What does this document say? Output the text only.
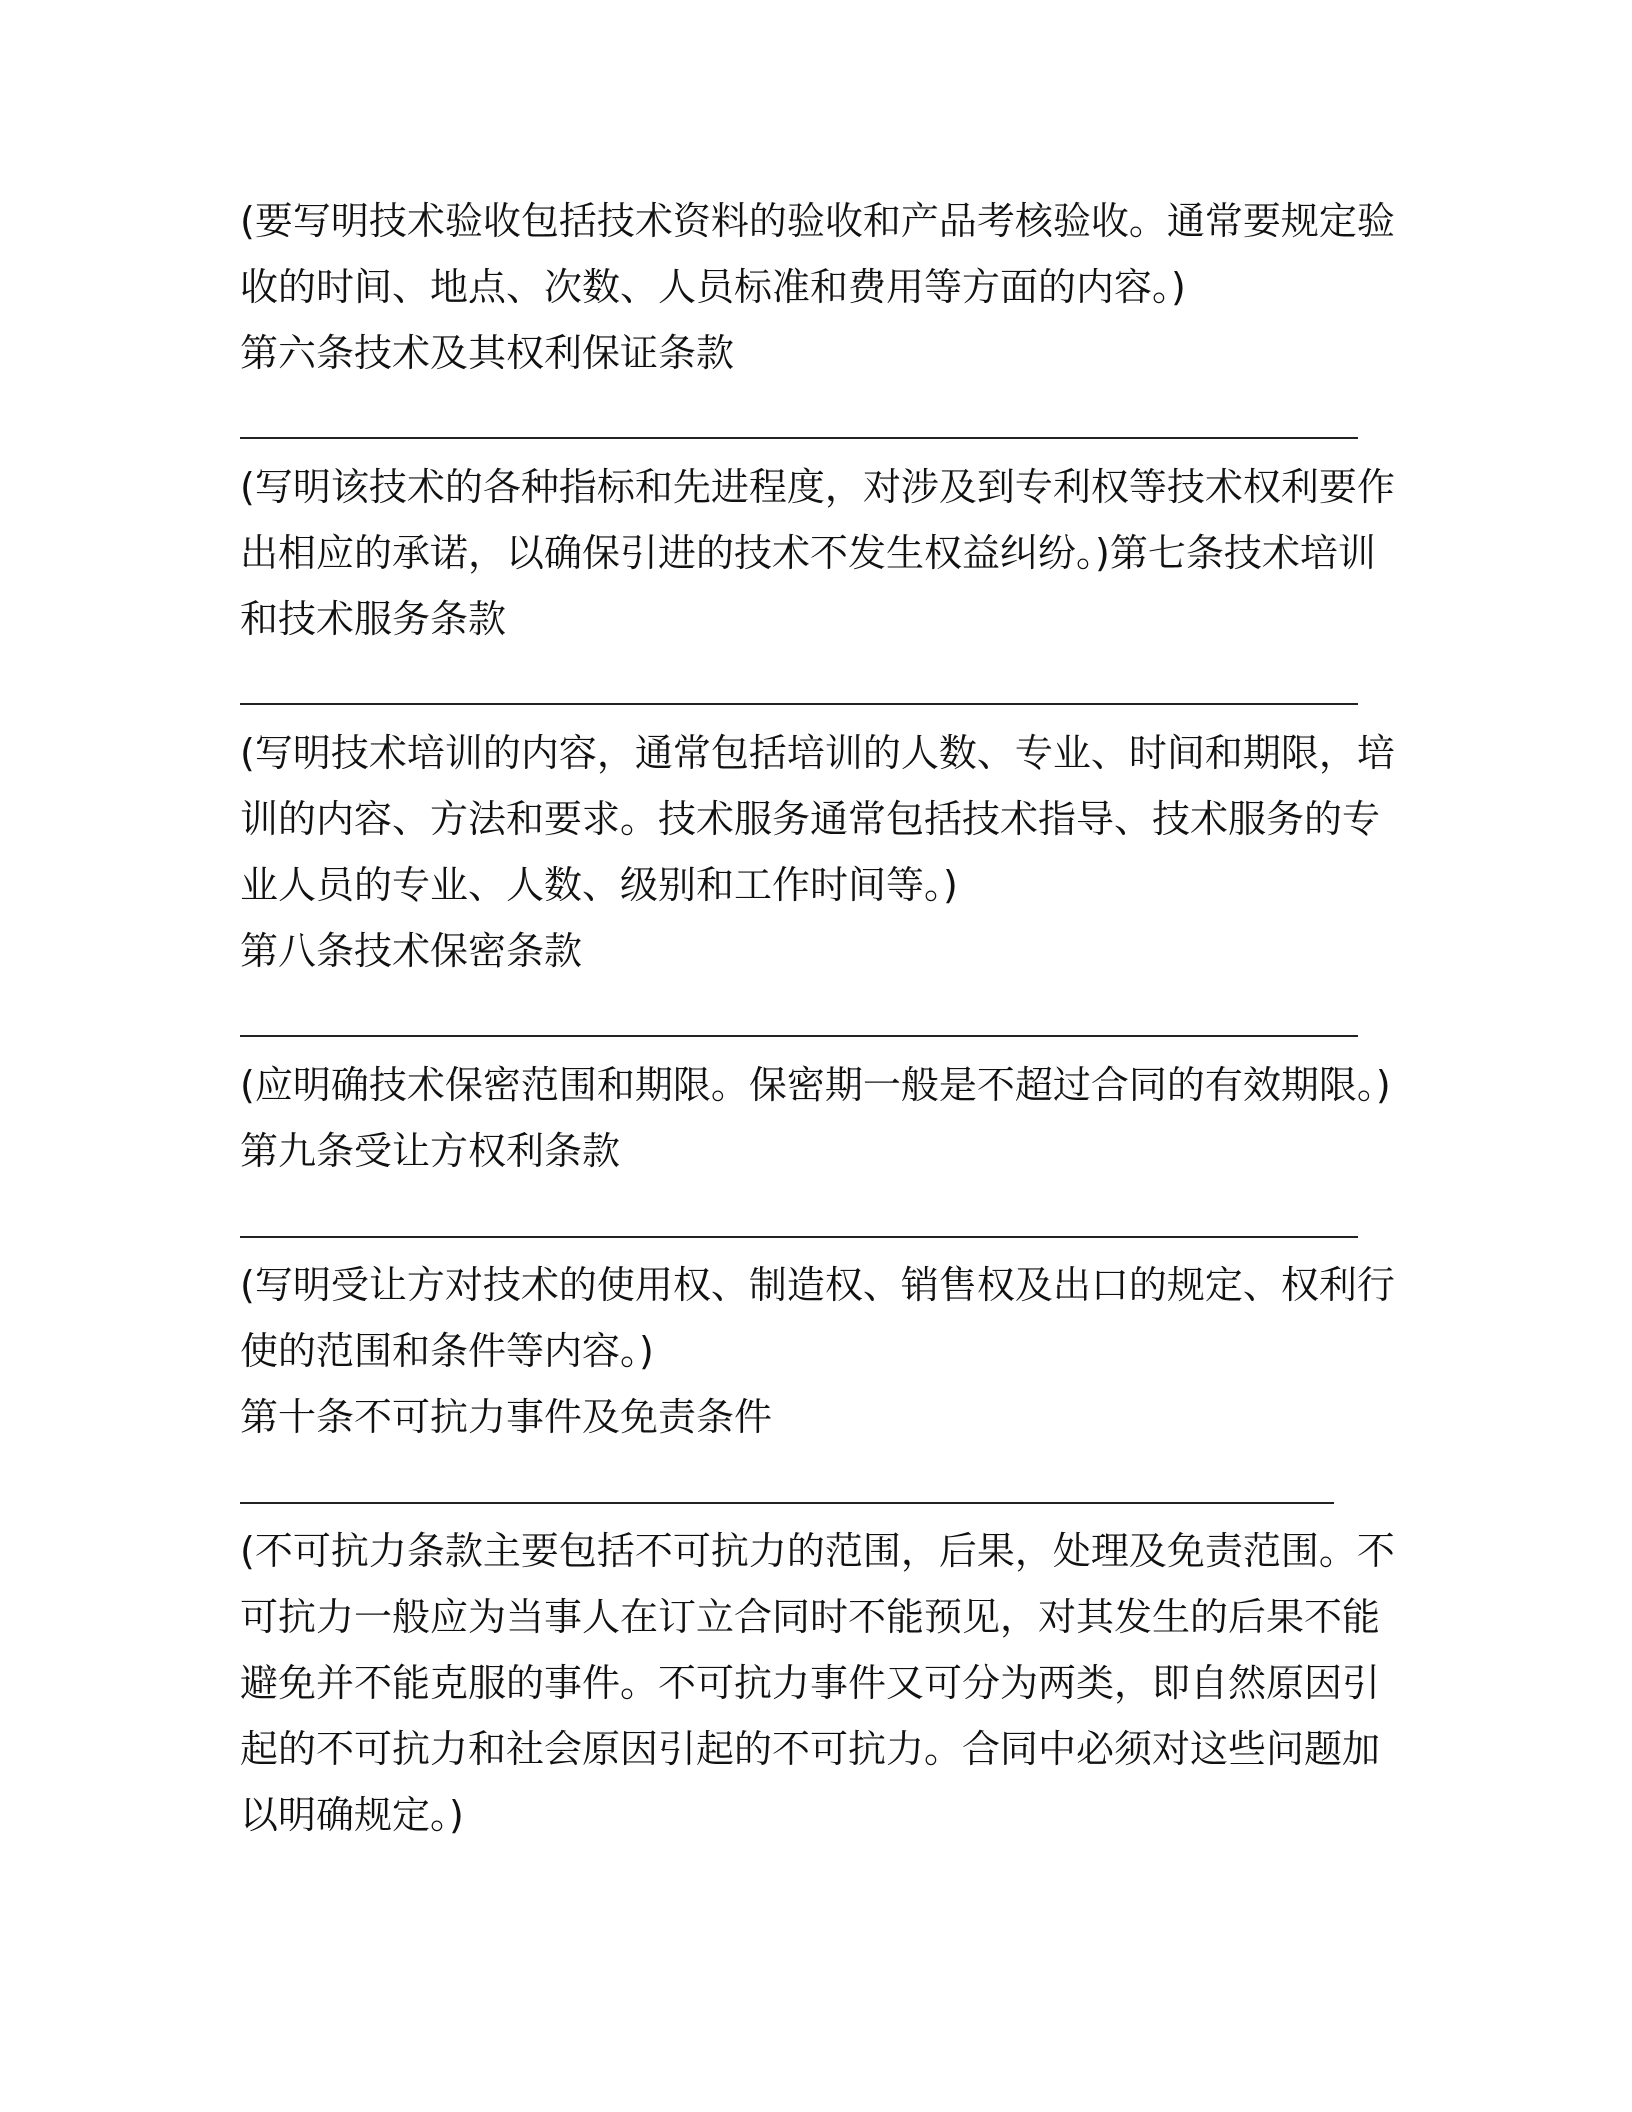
(要写明技术验收包括技术资料的验收和产品考核验收。通常要规定验

收的时间、地点、次数、人员标准和费用等方面的内容。)

第六条技术及其权利保证条款

(写明该技术的各种指标和先进程度，对涉及到专利权等技术权利要作

出相应的承诺，以确保引进的技术不发生权益纠纷。)第七条技术培训

和技术服务条款

(写明技术培训的内容，通常包括培训的人数、专业、时间和期限，培

训的内容、方法和要求。技术服务通常包括技术指导、技术服务的专

业人员的专业、人数、级别和工作时间等。)

第八条技术保密条款

(应明确技术保密范围和期限。保密期一般是不超过合同的有效期限。)

第九条受让方权利条款

(写明受让方对技术的使用权、制造权、销售权及出口的规定、权利行

使的范围和条件等内容。)

第十条不可抗力事件及免责条件

(不可抗力条款主要包括不可抗力的范围，后果，处理及免责范围。不

可抗力一般应为当事人在订立合同时不能预见，对其发生的后果不能

避免并不能克服的事件。不可抗力事件又可分为两类，即自然原因引

起的不可抗力和社会原因引起的不可抗力。合同中必须对这些问题加

以明确规定。)
